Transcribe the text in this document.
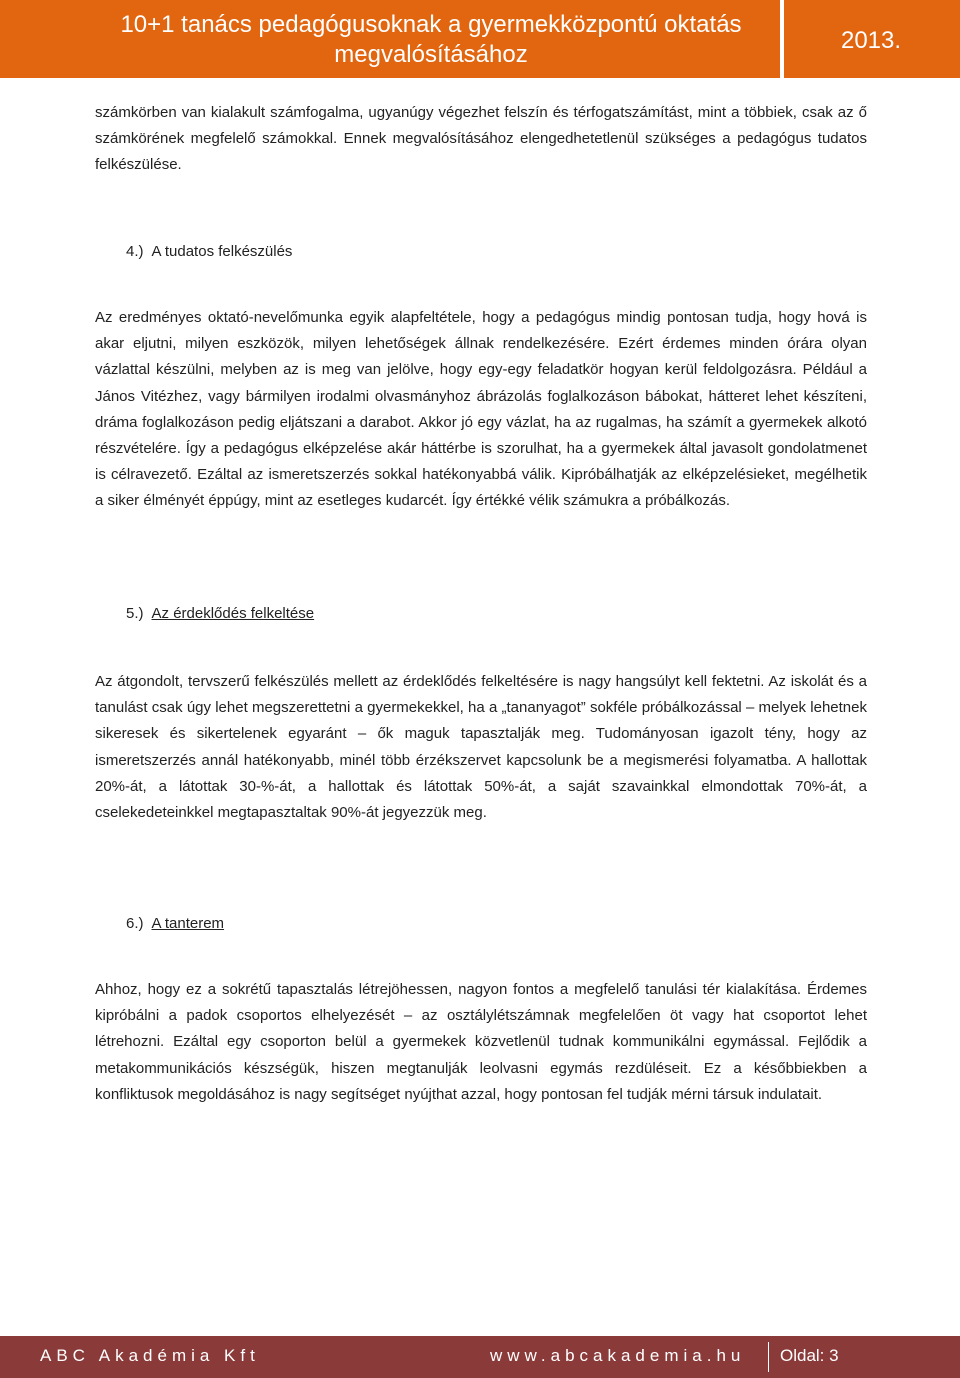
10+1 tanács pedagógusoknak a gyermekközpontú oktatás megvalósításához
2013.

számkörben van kialakult számfogalma, ugyanúgy végezhet felszín és térfogatszámítást, mint a többiek, csak az ő számkörének megfelelő számokkal. Ennek megvalósításához elengedhetetlenül szükséges a pedagógus tudatos felkészülése.

4.) A tudatos felkészülés

Az eredményes oktató-nevelőmunka egyik alapfeltétele, hogy a pedagógus mindig pontosan tudja, hogy hová is akar eljutni, milyen eszközök, milyen lehetőségek állnak rendelkezésére. Ezért érdemes minden órára olyan vázlattal készülni, melyben az is meg van jelölve, hogy egy-egy feladatkör hogyan kerül feldolgozásra. Például a János Vitézhez, vagy bármilyen irodalmi olvasmányhoz ábrázolás foglalkozáson bábokat, hátteret lehet készíteni, dráma foglalkozáson pedig eljátszani a darabot. Akkor jó egy vázlat, ha az rugalmas, ha számít a gyermekek alkotó részvételére. Így a pedagógus elképzelése akár háttérbe is szorulhat, ha a gyermekek által javasolt gondolatmenet is célravezető. Ezáltal az ismeretszerzés sokkal hatékonyabbá válik. Kipróbálhatják az elképzelésieket, megélhetik a siker élményét éppúgy, mint az esetleges kudarcét. Így értékké vélik számukra a próbálkozás.

5.) Az érdeklődés felkeltése

Az átgondolt, tervszerű felkészülés mellett az érdeklődés felkeltésére is nagy hangsúlyt kell fektetni. Az iskolát és a tanulást csak úgy lehet megszerettetni a gyermekekkel, ha a „tananyagot” sokféle próbálkozással – melyek lehetnek sikeresek és sikertelenek egyaránt – ők maguk tapasztalják meg. Tudományosan igazolt tény, hogy az ismeretszerzés annál hatékonyabb, minél több érzékszervet kapcsolunk be a megismerési folyamatba. A hallottak 20%-át, a látottak 30-%-át, a hallottak és látottak 50%-át, a saját szavainkkal elmondottak 70%-át, a cselekedeteinkkel megtapasztaltak 90%-át jegyezzük meg.

6.) A tanterem

Ahhoz, hogy ez a sokrétű tapasztalás létrejöhessen, nagyon fontos a megfelelő tanulási tér kialakítása. Érdemes kipróbálni a padok csoportos elhelyezését – az osztálylétszámnak megfelelően öt vagy hat csoportot lehet létrehozni. Ezáltal egy csoporton belül a gyermekek közvetlenül tudnak kommunikálni egymással. Fejlődik a metakommunikációs készségük, hiszen megtanulják leolvasni egymás rezdüléseit. Ez a későbbiekben a konfliktusok megoldásához is nagy segítséget nyújthat azzal, hogy pontosan fel tudják mérni társuk indulatait.

ABC Akadémia Kft	www.abcakademia.hu Oldal: 3
